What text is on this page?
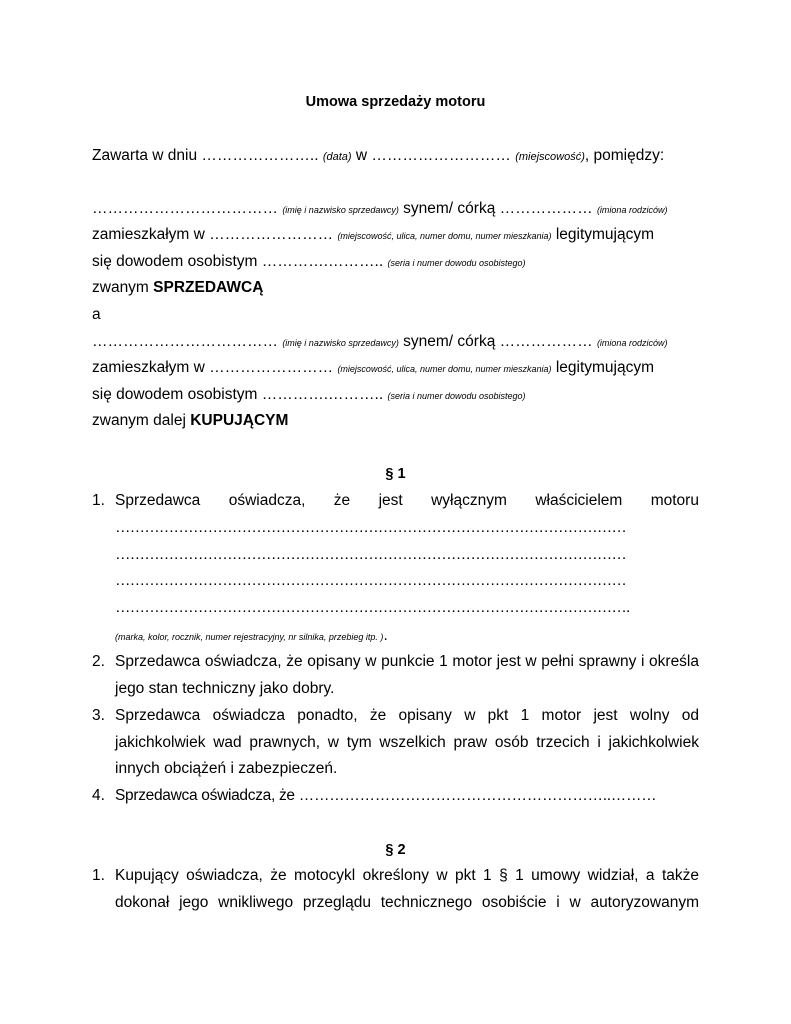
Umowa sprzedaży motoru
Zawarta w dniu ………………….. (data) w ……………………… (miejscowość), pomiędzy:
……………………………… (imię i nazwisko sprzedawcy) synem/ córką ……………… (imiona rodziców)
zamieszkałym w …………………… (miejscowość, ulica, numer domu, numer mieszkania) legitymującym
się dowodem osobistym ………….……….. (seria i numer dowodu osobistego)
zwanym SPRZEDAWCĄ
a
……………………………… (imię i nazwisko sprzedawcy) synem/ córką ……………… (imiona rodziców)
zamieszkałym w …………………… (miejscowość, ulica, numer domu, numer mieszkania) legitymującym
się dowodem osobistym ………….……….. (seria i numer dowodu osobistego)
zwanym dalej KUPUJĄCYM
§ 1
1. Sprzedawca oświadcza, że jest wyłącznym właścicielem motoru
……………………………………………………………………………………………
……………………………………………………………………………………………
……………………………………………………………………………………………
…………………………………………………………………………………………….
(marka, kolor, rocznik, numer rejestracyjny, nr silnika, przebieg itp. ).
2. Sprzedawca oświadcza, że opisany w punkcie 1 motor jest w pełni sprawny i określa
jego stan techniczny jako dobry.
3. Sprzedawca oświadcza ponadto, że opisany w pkt 1 motor jest wolny od
jakichkolwiek wad prawnych, w tym wszelkich praw osób trzecich i jakichkolwiek
innych obciążeń i zabezpieczeń.
4. Sprzedawca oświadcza, że ……………………………………………………..………
§ 2
1. Kupujący oświadcza, że motocykl określony w pkt 1 § 1 umowy widział, a także
dokonał jego wnikliwego przeglądu technicznego osobiście i w autoryzowanym
